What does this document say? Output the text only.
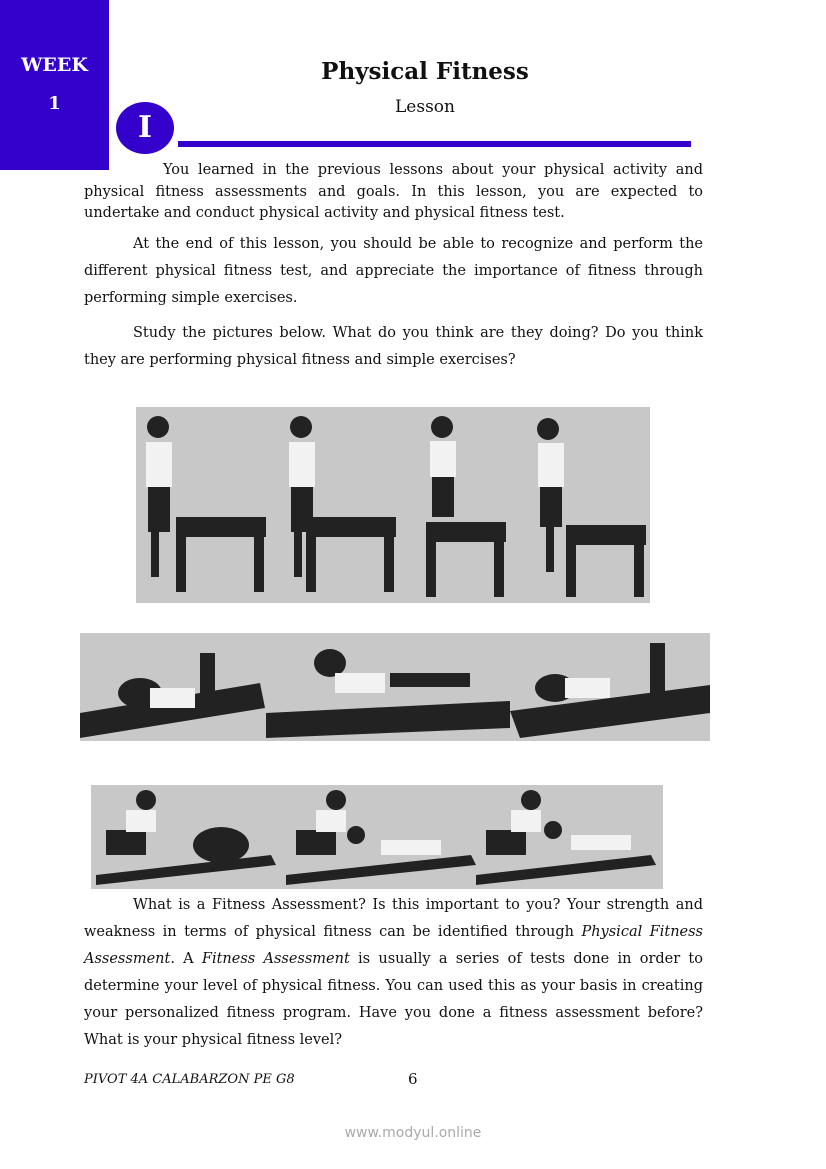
WEEK
1
I
Physical Fitness
Lesson
You learned in the previous lessons about your physical activity and physical fitness assessments and goals. In this lesson, you are expected to undertake and conduct physical activity and physical fitness test.
At the end of this lesson, you should be able to recognize and perform the different physical fitness test, and appreciate the importance of fitness through performing simple exercises.
Study the pictures below. What do you think are they doing? Do you think they are performing physical fitness and simple exercises?
What is a Fitness Assessment? Is this important to you? Your strength and weakness in terms of physical fitness can be identified through Physical Fitness Assessment. A Fitness Assessment is usually a series of tests done in order to determine your level of physical fitness. You can used this as your basis in creating your personalized fitness program. Have you done a fitness assessment before? What is your physical fitness level?
PIVOT 4A CALABARZON PE G8	6
www.modyul.online
